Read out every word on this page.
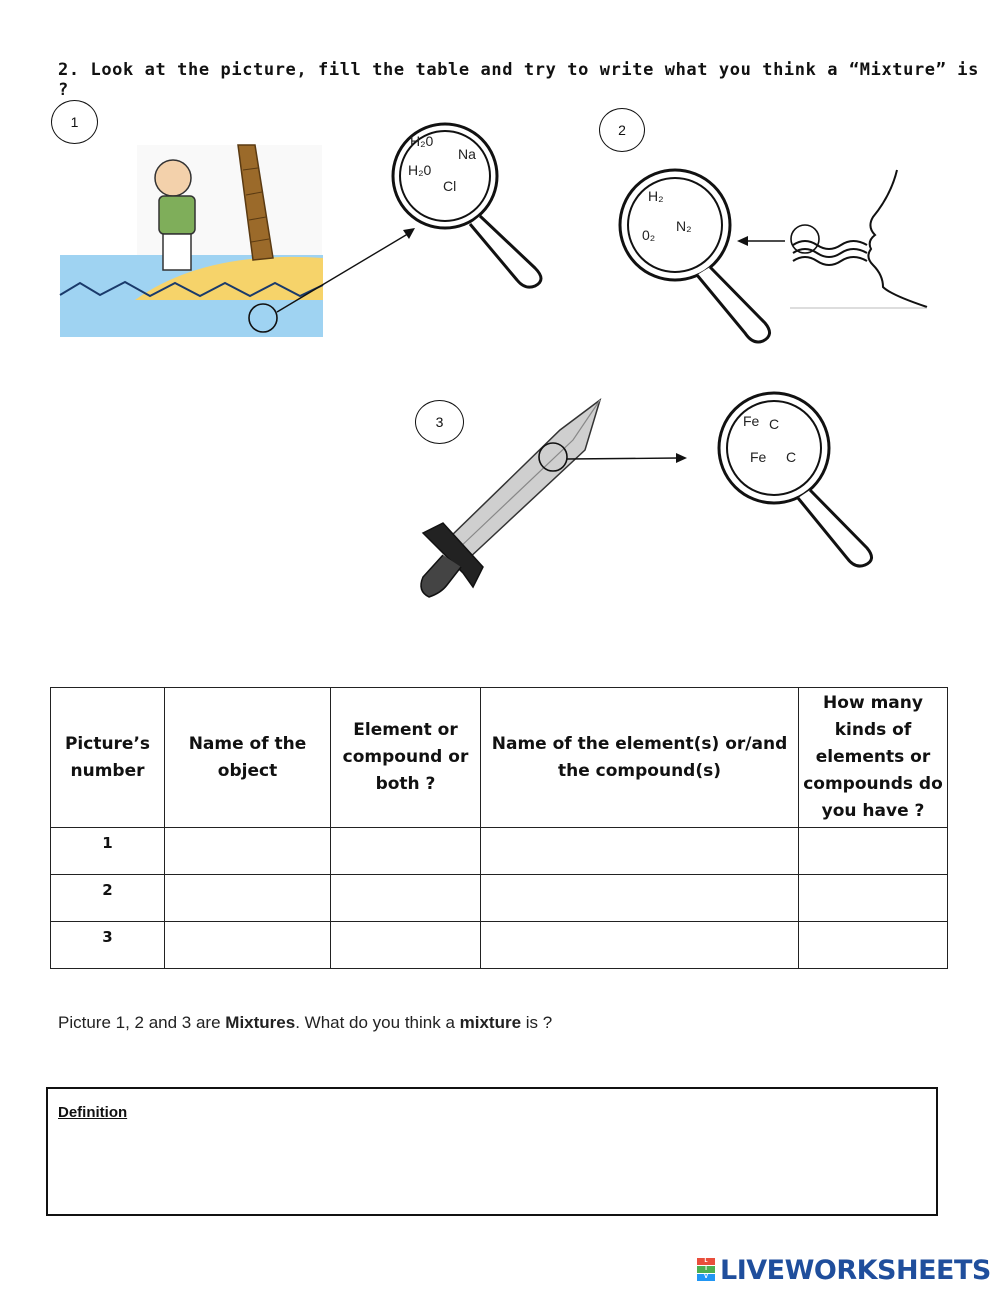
2. Look at the picture, fill the table and try to write what you think a “Mixture” is ?
1
H₂0
Na
H₂0
Cl
2
H₂
N₂
0₂
3	Fe C
Fe C
Picture’s number	Name of the object	Element or compound or both ?	Name of the element(s) or/and the compound(s)	How many kinds of elements or compounds do you have ?
1				
2				
3				
Picture 1, 2 and 3 are Mixtures. What do you think a mixture is ?
Definition
L
I
V LIVEWORKSHEETS
